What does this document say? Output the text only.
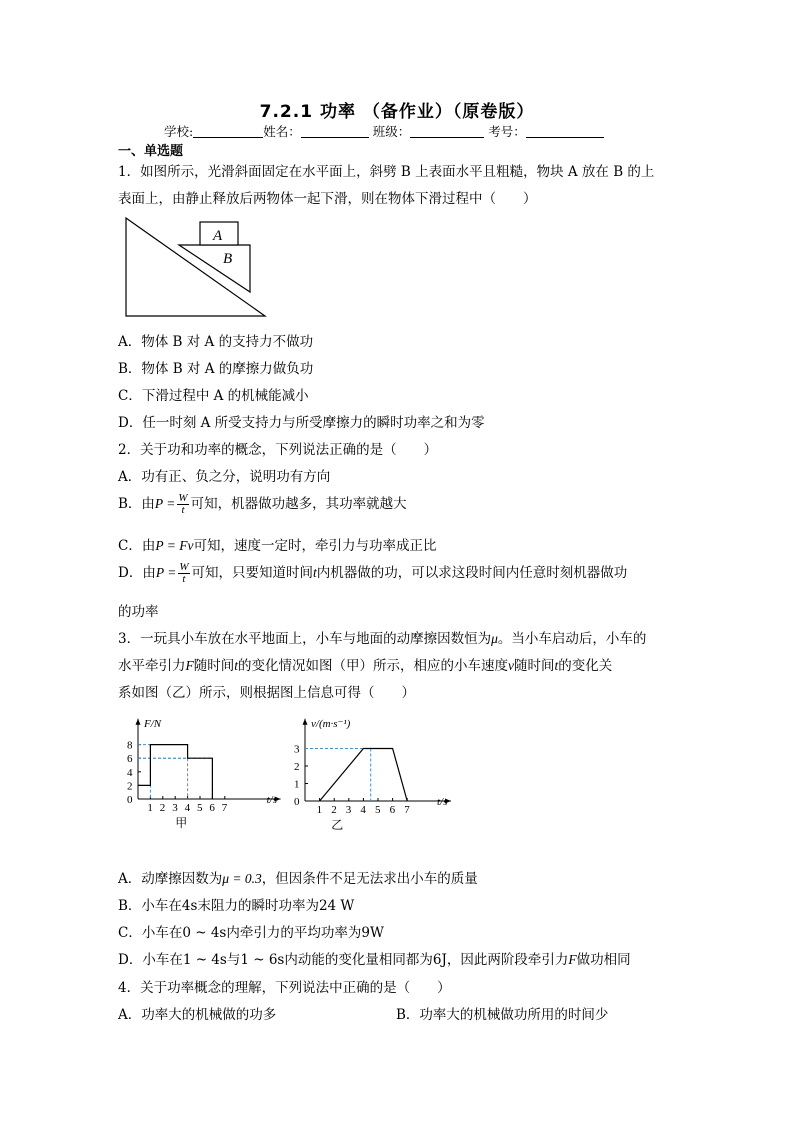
7.2.1 功率 （备作业）（原卷版）
学校:	姓名：	班级：	考号：
一、单选题
1．如图所示，光滑斜面固定在水平面上，斜劈 B 上表面水平且粗糙，物块 A 放在 B 的上
表面上，由静止释放后两物体一起下滑，则在物体下滑过程中（　　）
A
B
A．物体 B 对 A 的支持力不做功
B．物体 B 对 A 的摩擦力做负功
C．下滑过程中 A 的机械能减小
D．任一时刻 A 所受支持力与所受摩擦力的瞬时功率之和为零
2．关于功和功率的概念，下列说法正确的是（　　）
A．功有正、负之分，说明功有方向
B．由$P = \frac{W}{t}$ 可知，机器做功越多，其功率就越大
C．由P = Fv可知，速度一定时，牵引力与功率成正比
D．由$P = \frac{W}{t}$ 可知，只要知道时间t内机器做的功，可以求这段时间内任意时刻机器做功
的功率
3．一玩具小车放在水平地面上，小车与地面的动摩擦因数恒为μ。当小车启动后，小车的
水平牵引力F随时间t的变化情况如图（甲）所示，相应的小车速度v随时间t的变化关
系如图（乙）所示，则根据图上信息可得（　　）
1 2 3 4 5 6 7
0
2
4
6
8
F/N
t/s
甲
1 2 3 4 5 6 7
0
1
2
3
v/(m·s⁻¹)
t/s
乙
A．动摩擦因数为μ = 0.3，但因条件不足无法求出小车的质量
B．小车在4s末阻力的瞬时功率为24 W
C．小车在0 ~ 4s内牵引力的平均功率为9W
D．小车在1 ~ 4s与1 ~ 6s内动能的变化量相同都为6J，因此两阶段牵引力F做功相同
4．关于功率概念的理解，下列说法中正确的是（　　）
A．功率大的机械做的功多	B．功率大的机械做功所用的时间少
